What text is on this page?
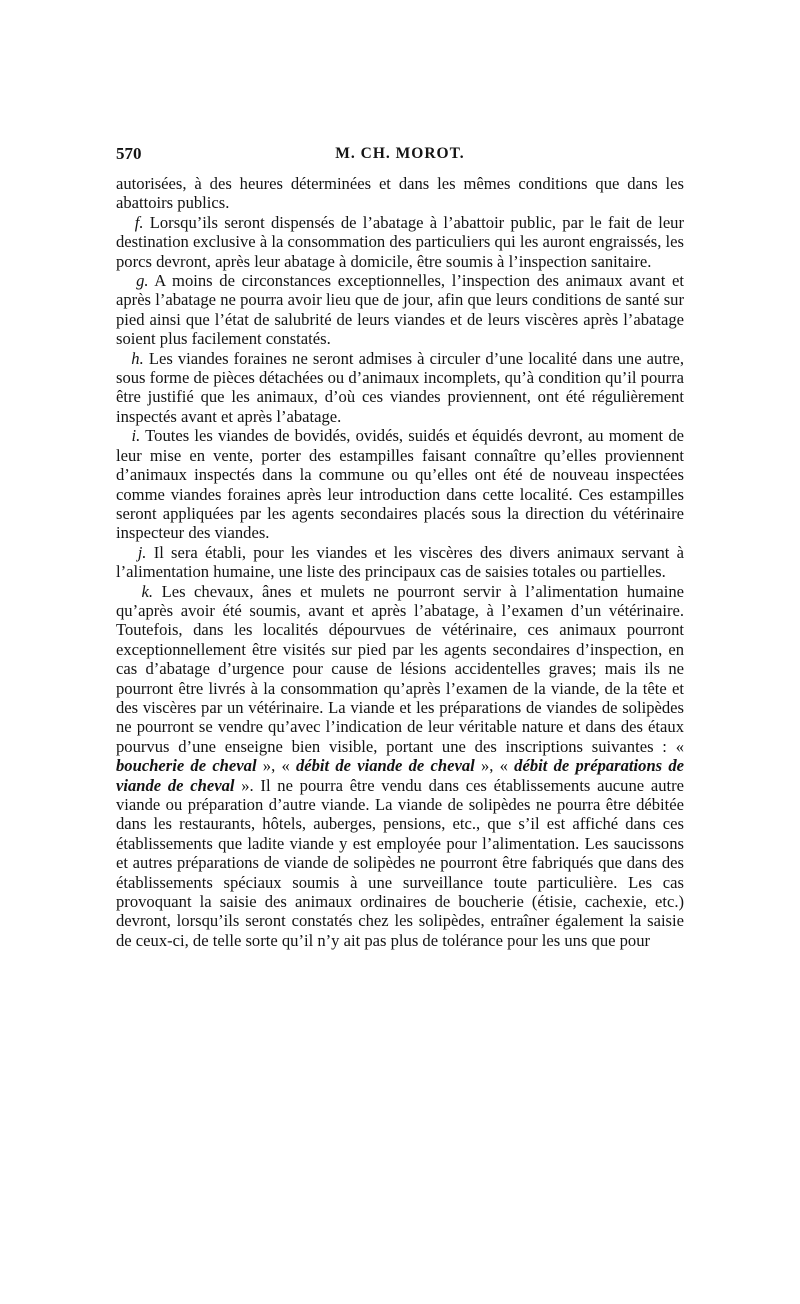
570	M. CH. MOROT.

autorisées, à des heures déterminées et dans les mêmes conditions que dans les abattoirs publics.

f. Lorsqu’ils seront dispensés de l’abatage à l’abattoir public, par le fait de leur destination exclusive à la consommation des particuliers qui les auront engraissés, les porcs devront, après leur abatage à domicile, être soumis à l’inspection sanitaire.

g. A moins de circonstances exceptionnelles, l’inspection des animaux avant et après l’abatage ne pourra avoir lieu que de jour, afin que leurs conditions de santé sur pied ainsi que l’état de salubrité de leurs viandes et de leurs viscères après l’abatage soient plus facilement constatés.

h. Les viandes foraines ne seront admises à circuler d’une localité dans une autre, sous forme de pièces détachées ou d’animaux incomplets, qu’à condition qu’il pourra être justifié que les animaux, d’où ces viandes proviennent, ont été régulièrement inspectés avant et après l’abatage.

i. Toutes les viandes de bovidés, ovidés, suidés et équidés devront, au moment de leur mise en vente, porter des estampilles faisant connaître qu’elles proviennent d’animaux inspectés dans la commune ou qu’elles ont été de nouveau inspectées comme viandes foraines après leur introduction dans cette localité. Ces estampilles seront appliquées par les agents secondaires placés sous la direction du vétérinaire inspecteur des viandes.

j. Il sera établi, pour les viandes et les viscères des divers animaux servant à l’alimentation humaine, une liste des principaux cas de saisies totales ou partielles.

k. Les chevaux, ânes et mulets ne pourront servir à l’alimentation humaine qu’après avoir été soumis, avant et après l’abatage, à l’examen d’un vétérinaire. Toutefois, dans les localités dépourvues de vétérinaire, ces animaux pourront exceptionnellement être visités sur pied par les agents secondaires d’inspection, en cas d’abatage d’urgence pour cause de lésions accidentelles graves; mais ils ne pourront être livrés à la consommation qu’après l’examen de la viande, de la tête et des viscères par un vétérinaire. La viande et les préparations de viandes de solipèdes ne pourront se vendre qu’avec l’indication de leur véritable nature et dans des étaux pourvus d’une enseigne bien visible, portant une des inscriptions suivantes : « boucherie de cheval », « débit de viande de cheval », « débit de préparations de viande de cheval ». Il ne pourra être vendu dans ces établissements aucune autre viande ou préparation d’autre viande. La viande de solipèdes ne pourra être débitée dans les restaurants, hôtels, auberges, pensions, etc., que s’il est affiché dans ces établissements que ladite viande y est employée pour l’alimentation. Les saucissons et autres préparations de viande de solipèdes ne pourront être fabriqués que dans des établissements spéciaux soumis à une surveillance toute particulière. Les cas provoquant la saisie des animaux ordinaires de boucherie (étisie, cachexie, etc.) devront, lorsqu’ils seront constatés chez les solipèdes, entraîner également la saisie de ceux-ci, de telle sorte qu’il n’y ait pas plus de tolérance pour les uns que pour
